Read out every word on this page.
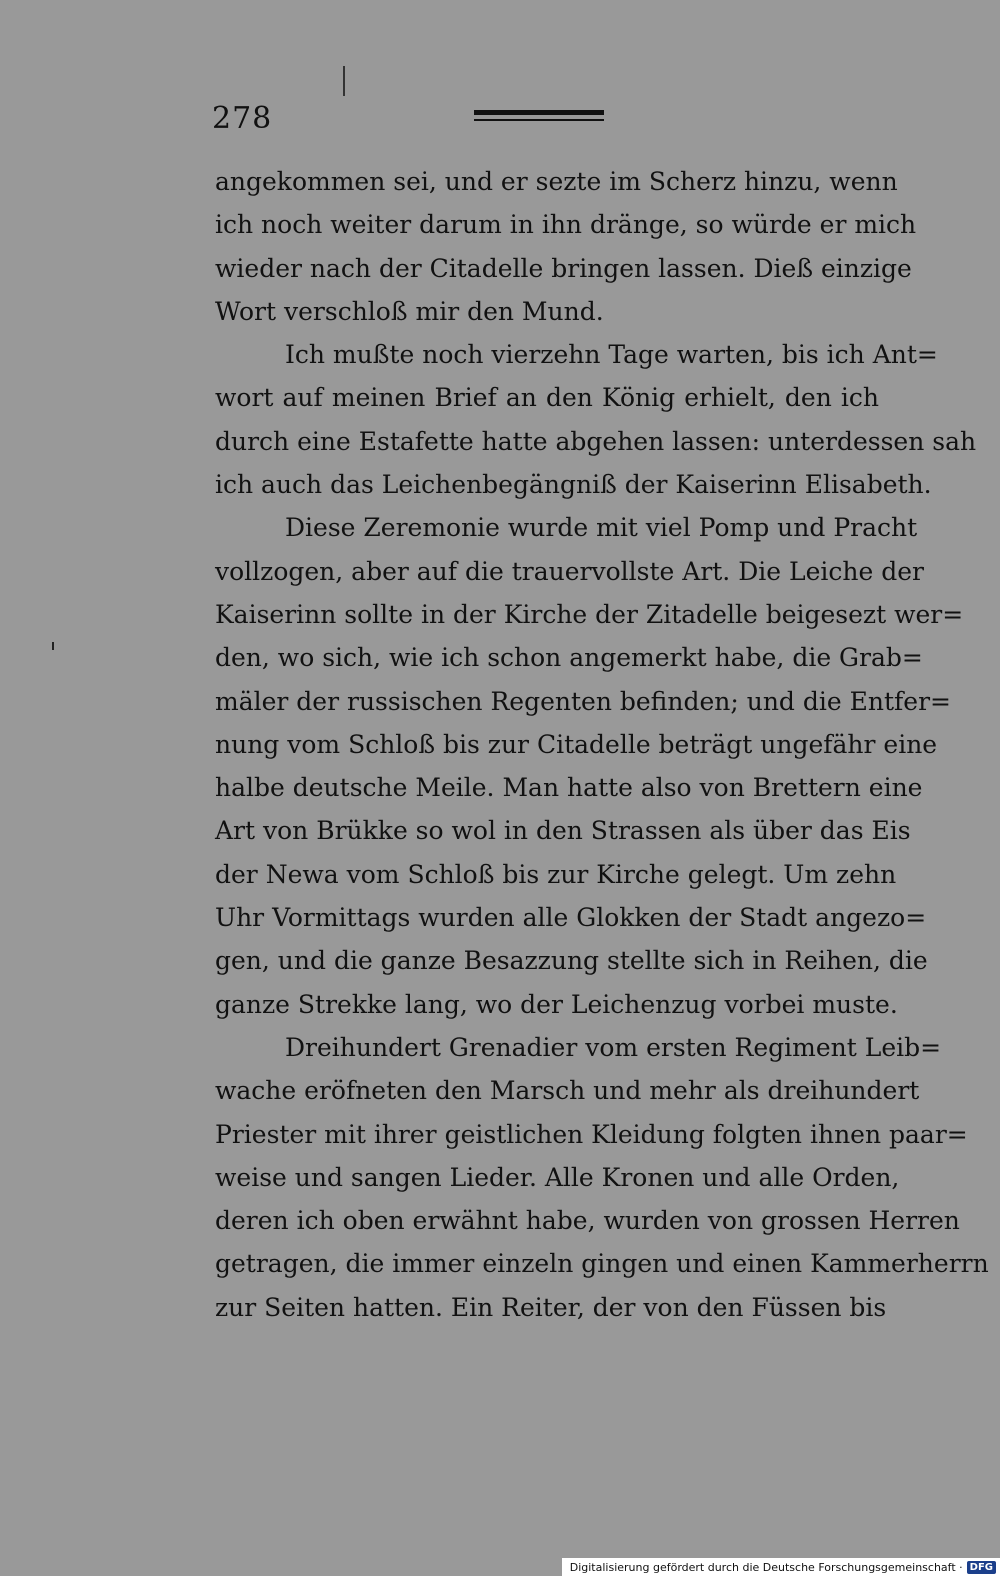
278
angekommen sei, und er sezte im Scherz hinzu, wenn
ich noch weiter darum in ihn dränge, so würde er mich
wieder nach der Citadelle bringen lassen. Dieß einzige
Wort verschloß mir den Mund.
Ich mußte noch vierzehn Tage warten, bis ich Ant=
wort auf meinen Brief an den König erhielt, den ich
durch eine Estafette hatte abgehen lassen: unterdessen sah
ich auch das Leichenbegängniß der Kaiserinn Elisabeth.
Diese Zeremonie wurde mit viel Pomp und Pracht
vollzogen, aber auf die trauervollste Art. Die Leiche der
Kaiserinn sollte in der Kirche der Zitadelle beigesezt wer=
den, wo sich, wie ich schon angemerkt habe, die Grab=
mäler der russischen Regenten befinden; und die Entfer=
nung vom Schloß bis zur Citadelle beträgt ungefähr eine
halbe deutsche Meile. Man hatte also von Brettern eine
Art von Brükke so wol in den Strassen als über das Eis
der Newa vom Schloß bis zur Kirche gelegt. Um zehn
Uhr Vormittags wurden alle Glokken der Stadt angezo=
gen, und die ganze Besazzung stellte sich in Reihen, die
ganze Strekke lang, wo der Leichenzug vorbei muste.
Dreihundert Grenadier vom ersten Regiment Leib=
wache eröfneten den Marsch und mehr als dreihundert
Priester mit ihrer geistlichen Kleidung folgten ihnen paar=
weise und sangen Lieder. Alle Kronen und alle Orden,
deren ich oben erwähnt habe, wurden von grossen Herren
getragen, die immer einzeln gingen und einen Kammerherrn
zur Seiten hatten. Ein Reiter, der von den Füssen bis
Digitalisierung gefördert durch die Deutsche Forschungsgemeinschaft · DFG
